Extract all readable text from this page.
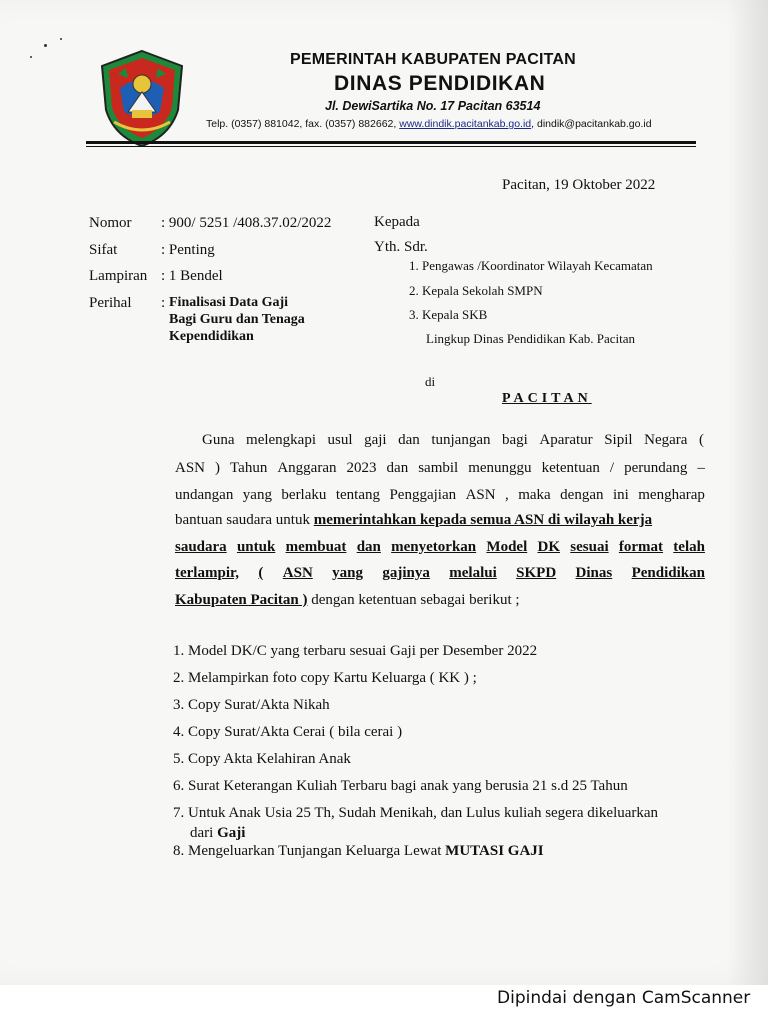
PEMERINTAH KABUPATEN PACITAN
DINAS PENDIDIKAN
Jl. DewiSartika No. 17 Pacitan 63514
Telp. (0357) 881042, fax. (0357) 882662, www.dindik.pacitankab.go.id, dindik@pacitankab.go.id
Pacitan, 19 Oktober 2022
Nomor : 900/ 5251 /408.37.02/2022
Sifat	: Penting
Lampiran : 1 Bendel
Perihal : Finalisasi Data Gaji
Bagi Guru dan Tenaga
Kependidikan
Kepada
Yth. Sdr.
1. Pengawas /Koordinator Wilayah Kecamatan
2. Kepala Sekolah SMPN
3. Kepala SKB
Lingkup Dinas Pendidikan Kab. Pacitan
di
PACITAN
Guna melengkapi usul gaji dan tunjangan bagi Aparatur Sipil Negara (
ASN ) Tahun Anggaran 2023 dan sambil menunggu ketentuan / perundang –
undangan yang berlaku tentang Penggajian ASN , maka dengan ini mengharap
bantuan saudara untuk memerintahkan kepada semua ASN di wilayah kerja
saudara untuk membuat dan menyetorkan Model DK sesuai format telah
terlampir, ( ASN yang gajinya melalui SKPD Dinas Pendidikan
Kabupaten Pacitan ) dengan ketentuan sebagai berikut ;
1. Model DK/C yang terbaru sesuai Gaji per Desember 2022
2. Melampirkan foto copy Kartu Keluarga ( KK ) ;
3. Copy Surat/Akta Nikah
4. Copy Surat/Akta Cerai ( bila cerai )
5. Copy Akta Kelahiran Anak
6. Surat Keterangan Kuliah Terbaru bagi anak yang berusia 21 s.d 25 Tahun
7. Untuk Anak Usia 25 Th, Sudah Menikah, dan Lulus kuliah segera dikeluarkan
dari Gaji
8. Mengeluarkan Tunjangan Keluarga Lewat MUTASI GAJI
Dipindai dengan CamScanner
